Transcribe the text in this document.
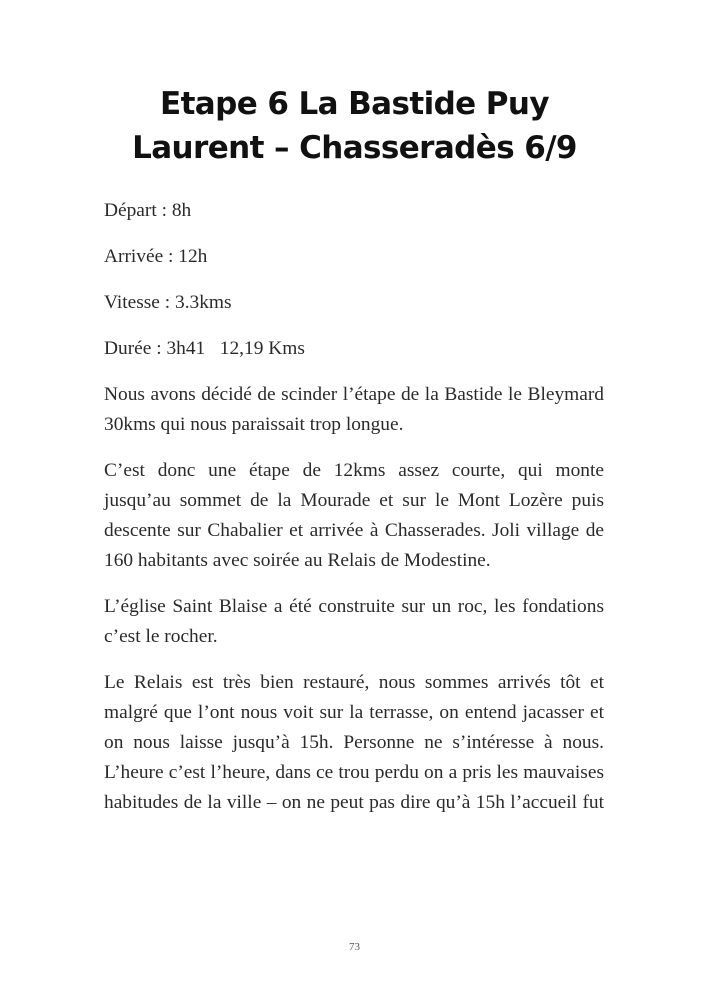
Etape 6 La Bastide Puy
Laurent – Chasseradès 6/9

Départ : 8h

Arrivée : 12h

Vitesse : 3.3kms

Durée : 3h41   12,19 Kms

Nous avons décidé de scinder l’étape de la Bastide le Bleymard 30kms qui nous paraissait trop longue.

C’est donc une étape de 12kms assez courte, qui monte jusqu’au sommet de la Mourade et sur le Mont Lozère puis descente sur Chabalier et arrivée à Chasserades. Joli village de 160 habitants avec soirée au Relais de Modestine.

L’église Saint Blaise a été construite sur un roc, les fondations c’est le rocher.

Le Relais est très bien restauré, nous sommes arrivés tôt et malgré que l’ont nous voit sur la terrasse, on entend jacasser et on nous laisse jusqu’à 15h. Personne ne s’intéresse à nous. L’heure c’est l’heure, dans ce trou perdu on a pris les mauvaises habitudes de la ville – on ne peut pas dire qu’à 15h l’accueil fut

73
